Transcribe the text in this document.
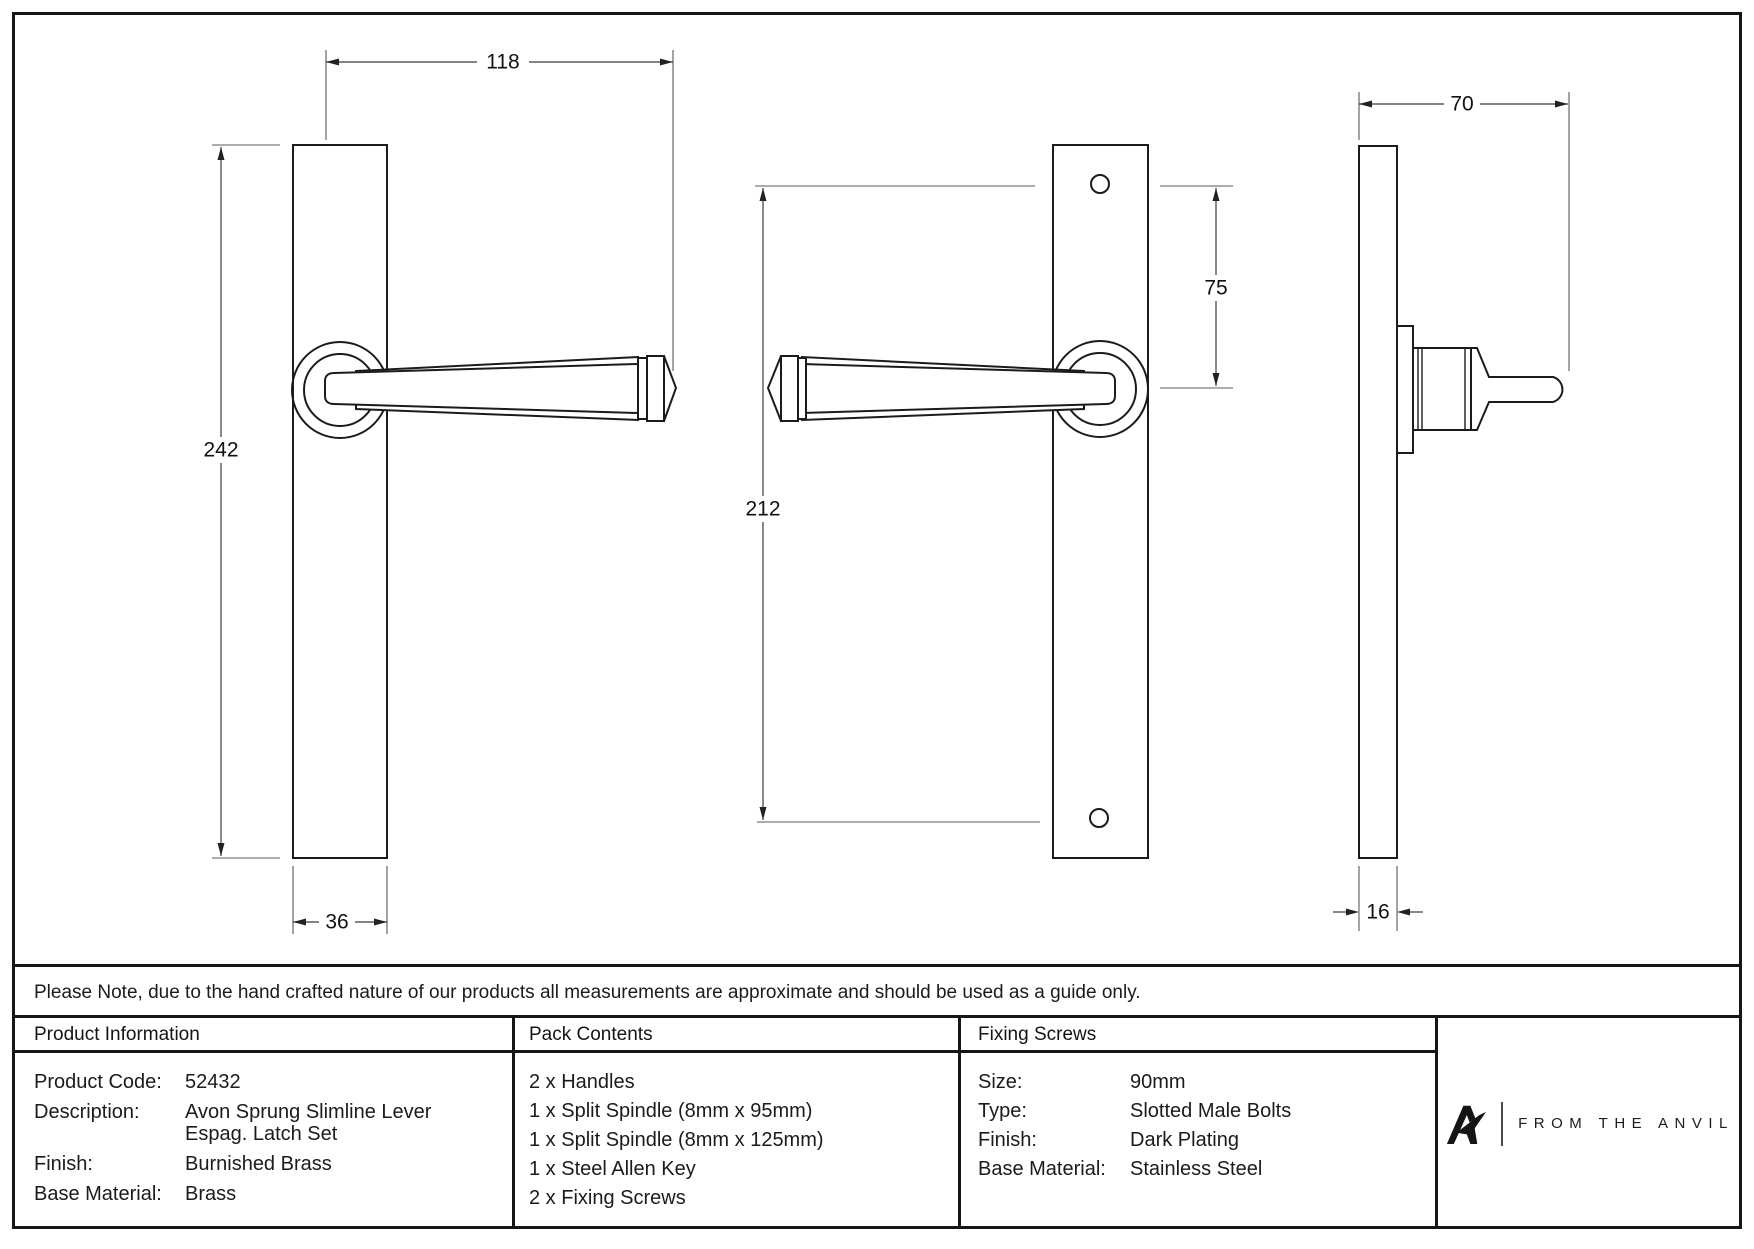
118
242
36
212
75
70
16
Please Note, due to the hand crafted nature of our products all measurements are approximate and should be used as a guide only.
Product Information	Pack Contents	Fixing Screws
Product Code:	52432
Description:	Avon Sprung Slimline Lever Espag. Latch Set
Finish:	Burnished Brass
Base Material:	Brass
2 x Handles
1 x Split Spindle (8mm x 95mm)
1 x Split Spindle (8mm x 125mm)
1 x Steel Allen Key
2 x Fixing Screws
Size:	90mm
Type:	Slotted Male Bolts
Finish:	Dark Plating
Base Material:	Stainless Steel
FROM THE ANVIL
